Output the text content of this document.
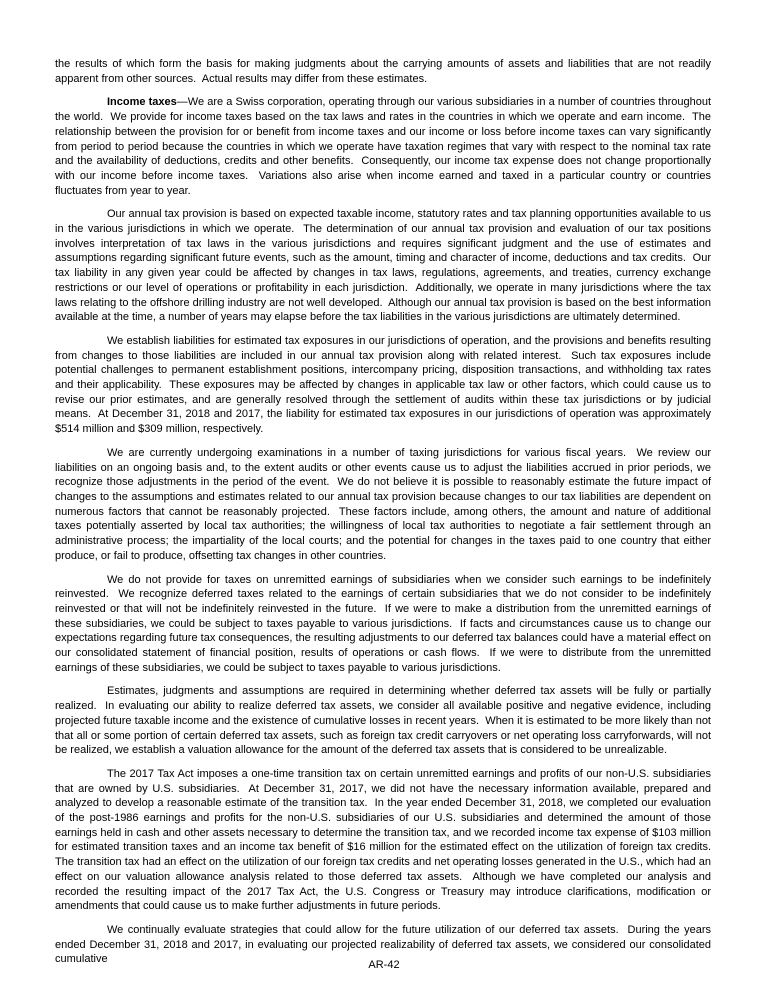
the results of which form the basis for making judgments about the carrying amounts of assets and liabilities that are not readily apparent from other sources.  Actual results may differ from these estimates.

Income taxes—We are a Swiss corporation, operating through our various subsidiaries in a number of countries throughout the world.  We provide for income taxes based on the tax laws and rates in the countries in which we operate and earn income.  The relationship between the provision for or benefit from income taxes and our income or loss before income taxes can vary significantly from period to period because the countries in which we operate have taxation regimes that vary with respect to the nominal tax rate and the availability of deductions, credits and other benefits.  Consequently, our income tax expense does not change proportionally with our income before income taxes.  Variations also arise when income earned and taxed in a particular country or countries fluctuates from year to year.

Our annual tax provision is based on expected taxable income, statutory rates and tax planning opportunities available to us in the various jurisdictions in which we operate.  The determination of our annual tax provision and evaluation of our tax positions involves interpretation of tax laws in the various jurisdictions and requires significant judgment and the use of estimates and assumptions regarding significant future events, such as the amount, timing and character of income, deductions and tax credits.  Our tax liability in any given year could be affected by changes in tax laws, regulations, agreements, and treaties, currency exchange restrictions or our level of operations or profitability in each jurisdiction.  Additionally, we operate in many jurisdictions where the tax laws relating to the offshore drilling industry are not well developed.  Although our annual tax provision is based on the best information available at the time, a number of years may elapse before the tax liabilities in the various jurisdictions are ultimately determined.

We establish liabilities for estimated tax exposures in our jurisdictions of operation, and the provisions and benefits resulting from changes to those liabilities are included in our annual tax provision along with related interest.  Such tax exposures include potential challenges to permanent establishment positions, intercompany pricing, disposition transactions, and withholding tax rates and their applicability.  These exposures may be affected by changes in applicable tax law or other factors, which could cause us to revise our prior estimates, and are generally resolved through the settlement of audits within these tax jurisdictions or by judicial means.  At December 31, 2018 and 2017, the liability for estimated tax exposures in our jurisdictions of operation was approximately $514 million and $309 million, respectively.

We are currently undergoing examinations in a number of taxing jurisdictions for various fiscal years.  We review our liabilities on an ongoing basis and, to the extent audits or other events cause us to adjust the liabilities accrued in prior periods, we recognize those adjustments in the period of the event.  We do not believe it is possible to reasonably estimate the future impact of changes to the assumptions and estimates related to our annual tax provision because changes to our tax liabilities are dependent on numerous factors that cannot be reasonably projected.  These factors include, among others, the amount and nature of additional taxes potentially asserted by local tax authorities; the willingness of local tax authorities to negotiate a fair settlement through an administrative process; the impartiality of the local courts; and the potential for changes in the taxes paid to one country that either produce, or fail to produce, offsetting tax changes in other countries.

We do not provide for taxes on unremitted earnings of subsidiaries when we consider such earnings to be indefinitely reinvested.  We recognize deferred taxes related to the earnings of certain subsidiaries that we do not consider to be indefinitely reinvested or that will not be indefinitely reinvested in the future.  If we were to make a distribution from the unremitted earnings of these subsidiaries, we could be subject to taxes payable to various jurisdictions.  If facts and circumstances cause us to change our expectations regarding future tax consequences, the resulting adjustments to our deferred tax balances could have a material effect on our consolidated statement of financial position, results of operations or cash flows.  If we were to distribute from the unremitted earnings of these subsidiaries, we could be subject to taxes payable to various jurisdictions.

Estimates, judgments and assumptions are required in determining whether deferred tax assets will be fully or partially realized.  In evaluating our ability to realize deferred tax assets, we consider all available positive and negative evidence, including projected future taxable income and the existence of cumulative losses in recent years.  When it is estimated to be more likely than not that all or some portion of certain deferred tax assets, such as foreign tax credit carryovers or net operating loss carryforwards, will not be realized, we establish a valuation allowance for the amount of the deferred tax assets that is considered to be unrealizable.

The 2017 Tax Act imposes a one-time transition tax on certain unremitted earnings and profits of our non-U.S. subsidiaries that are owned by U.S. subsidiaries.  At December 31, 2017, we did not have the necessary information available, prepared and analyzed to develop a reasonable estimate of the transition tax.  In the year ended December 31, 2018, we completed our evaluation of the post-1986 earnings and profits for the non-U.S. subsidiaries of our U.S. subsidiaries and determined the amount of those earnings held in cash and other assets necessary to determine the transition tax, and we recorded income tax expense of $103 million for estimated transition taxes and an income tax benefit of $16 million for the estimated effect on the utilization of foreign tax credits.  The transition tax had an effect on the utilization of our foreign tax credits and net operating losses generated in the U.S., which had an effect on our valuation allowance analysis related to those deferred tax assets.  Although we have completed our analysis and recorded the resulting impact of the 2017 Tax Act, the U.S. Congress or Treasury may introduce clarifications, modification or amendments that could cause us to make further adjustments in future periods.

We continually evaluate strategies that could allow for the future utilization of our deferred tax assets.  During the years ended December 31, 2018 and 2017, in evaluating our projected realizability of deferred tax assets, we considered our consolidated cumulative	AR-42
